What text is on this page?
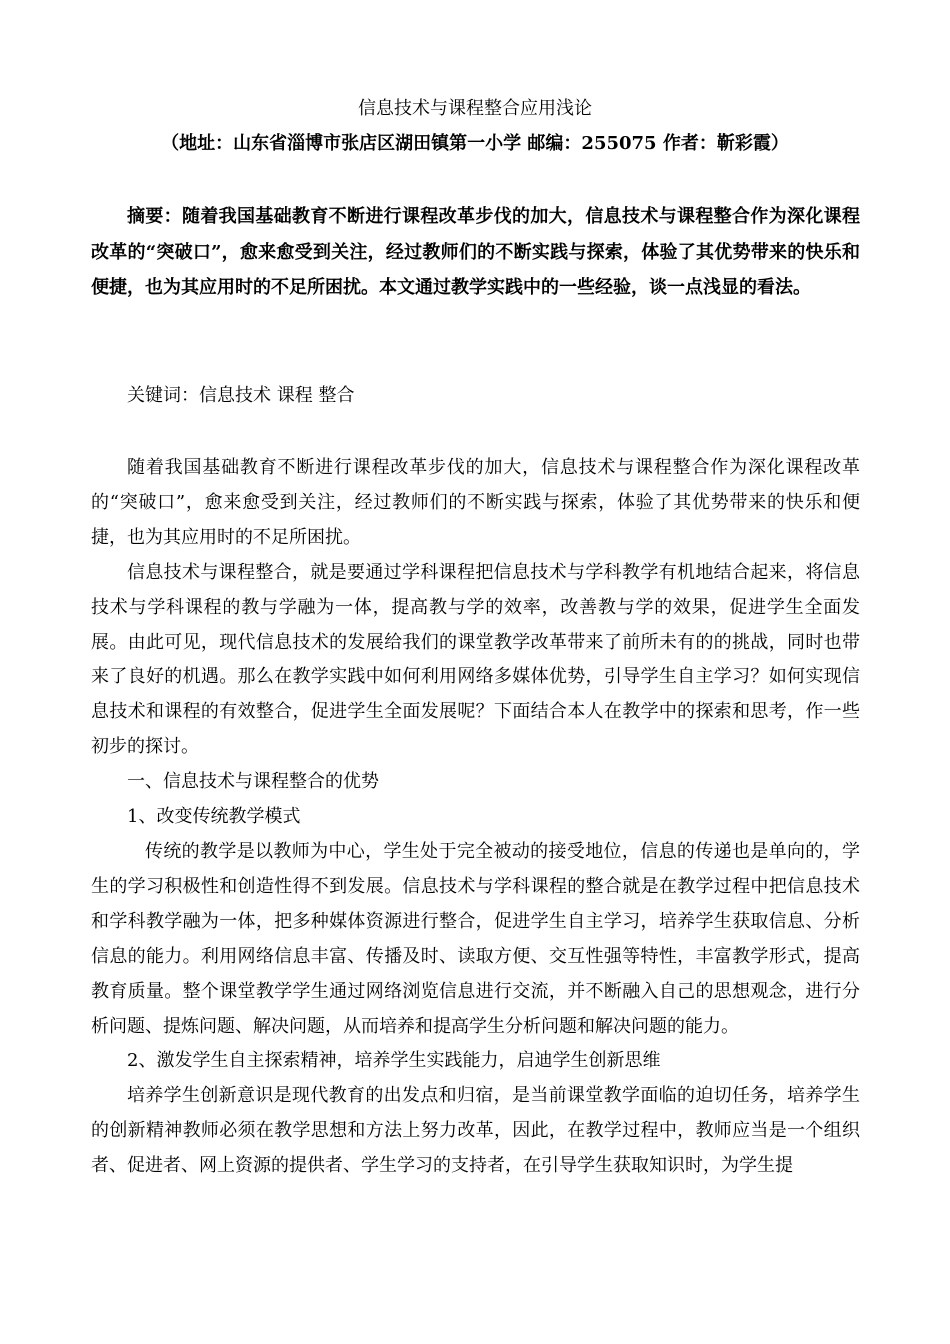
信息技术与课程整合应用浅论
（地址：山东省淄博市张店区湖田镇第一小学 邮编：255075 作者：靳彩霞）

摘要：随着我国基础教育不断进行课程改革步伐的加大，信息技术与课程整合作为深化课程改革的“突破口”，愈来愈受到关注，经过教师们的不断实践与探索，体验了其优势带来的快乐和便捷，也为其应用时的不足所困扰。本文通过教学实践中的一些经验，谈一点浅显的看法。

关键词：信息技术 课程 整合

随着我国基础教育不断进行课程改革步伐的加大，信息技术与课程整合作为深化课程改革的“突破口”，愈来愈受到关注，经过教师们的不断实践与探索，体验了其优势带来的快乐和便捷，也为其应用时的不足所困扰。

信息技术与课程整合，就是要通过学科课程把信息技术与学科教学有机地结合起来，将信息技术与学科课程的教与学融为一体，提高教与学的效率，改善教与学的效果，促进学生全面发展。由此可见，现代信息技术的发展给我们的课堂教学改革带来了前所未有的的挑战，同时也带来了良好的机遇。那么在教学实践中如何利用网络多媒体优势，引导学生自主学习？如何实现信息技术和课程的有效整合，促进学生全面发展呢？下面结合本人在教学中的探索和思考，作一些初步的探讨。

一、信息技术与课程整合的优势

1、改变传统教学模式

传统的教学是以教师为中心，学生处于完全被动的接受地位，信息的传递也是单向的，学生的学习积极性和创造性得不到发展。信息技术与学科课程的整合就是在教学过程中把信息技术和学科教学融为一体，把多种媒体资源进行整合，促进学生自主学习，培养学生获取信息、分析信息的能力。利用网络信息丰富、传播及时、读取方便、交互性强等特性，丰富教学形式，提高教育质量。整个课堂教学学生通过网络浏览信息进行交流，并不断融入自己的思想观念，进行分析问题、提炼问题、解决问题，从而培养和提高学生分析问题和解决问题的能力。

2、激发学生自主探索精神，培养学生实践能力，启迪学生创新思维

培养学生创新意识是现代教育的出发点和归宿，是当前课堂教学面临的迫切任务，培养学生的创新精神教师必须在教学思想和方法上努力改革，因此，在教学过程中，教师应当是一个组织者、促进者、网上资源的提供者、学生学习的支持者，在引导学生获取知识时，为学生提
